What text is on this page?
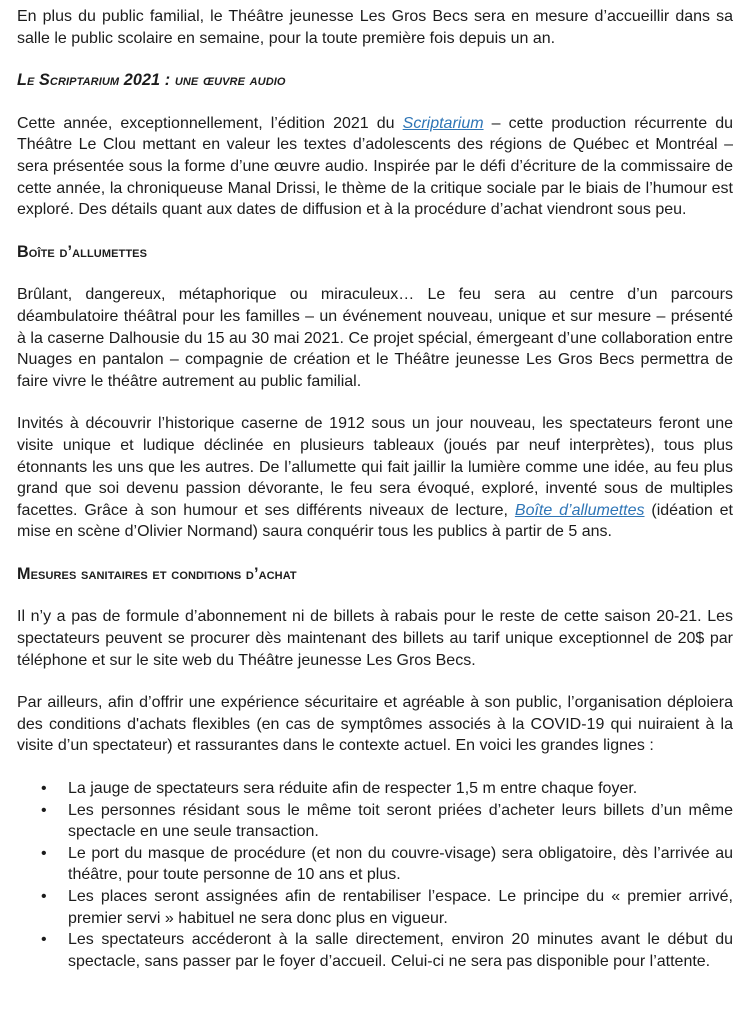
En plus du public familial, le Théâtre jeunesse Les Gros Becs sera en mesure d’accueillir dans sa salle le public scolaire en semaine, pour la toute première fois depuis un an.

Le Scriptarium 2021 : une œuvre audio

Cette année, exceptionnellement, l’édition 2021 du Scriptarium – cette production récurrente du Théâtre Le Clou mettant en valeur les textes d’adolescents des régions de Québec et Montréal – sera présentée sous la forme d’une œuvre audio. Inspirée par le défi d’écriture de la commissaire de cette année, la chroniqueuse Manal Drissi, le thème de la critique sociale par le biais de l’humour est exploré. Des détails quant aux dates de diffusion et à la procédure d’achat viendront sous peu.

Boîte d’allumettes

Brûlant, dangereux, métaphorique ou miraculeux… Le feu sera au centre d’un parcours déambulatoire théâtral pour les familles – un événement nouveau, unique et sur mesure – présenté à la caserne Dalhousie du 15 au 30 mai 2021. Ce projet spécial, émergeant d’une collaboration entre Nuages en pantalon – compagnie de création et le Théâtre jeunesse Les Gros Becs permettra de faire vivre le théâtre autrement au public familial.

Invités à découvrir l’historique caserne de 1912 sous un jour nouveau, les spectateurs feront une visite unique et ludique déclinée en plusieurs tableaux (joués par neuf interprètes), tous plus étonnants les uns que les autres. De l’allumette qui fait jaillir la lumière comme une idée, au feu plus grand que soi devenu passion dévorante, le feu sera évoqué, exploré, inventé sous de multiples facettes. Grâce à son humour et ses différents niveaux de lecture, Boîte d’allumettes (idéation et mise en scène d’Olivier Normand) saura conquérir tous les publics à partir de 5 ans.

Mesures sanitaires et conditions d’achat

Il n’y a pas de formule d’abonnement ni de billets à rabais pour le reste de cette saison 20-21. Les spectateurs peuvent se procurer dès maintenant des billets au tarif unique exceptionnel de 20$ par téléphone et sur le site web du Théâtre jeunesse Les Gros Becs.

Par ailleurs, afin d’offrir une expérience sécuritaire et agréable à son public, l’organisation déploiera des conditions d'achats flexibles (en cas de symptômes associés à la COVID-19 qui nuiraient à la visite d’un spectateur) et rassurantes dans le contexte actuel. En voici les grandes lignes :

• La jauge de spectateurs sera réduite afin de respecter 1,5 m entre chaque foyer.
• Les personnes résidant sous le même toit seront priées d’acheter leurs billets d’un même spectacle en une seule transaction.
• Le port du masque de procédure (et non du couvre-visage) sera obligatoire, dès l’arrivée au théâtre, pour toute personne de 10 ans et plus.
• Les places seront assignées afin de rentabiliser l’espace. Le principe du « premier arrivé, premier servi » habituel ne sera donc plus en vigueur.
• Les spectateurs accéderont à la salle directement, environ 20 minutes avant le début du spectacle, sans passer par le foyer d’accueil. Celui-ci ne sera pas disponible pour l’attente.
